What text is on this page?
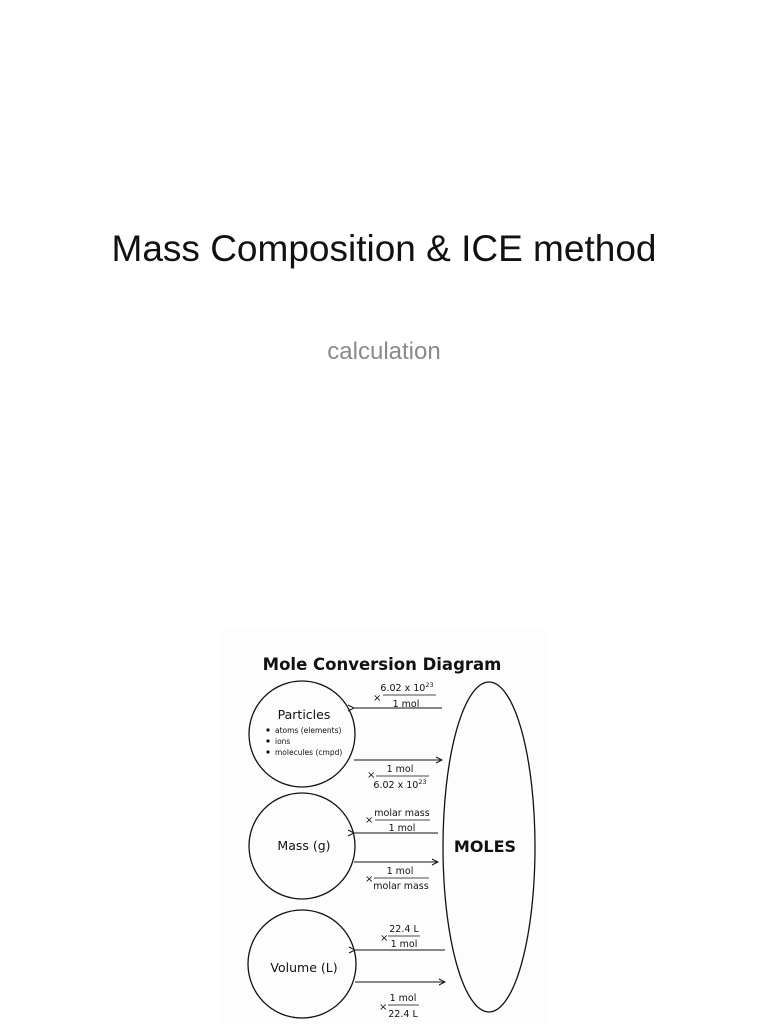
Mass Composition & ICE method
calculation
Mole Conversion Diagram
MOLES
Particles
atoms (elements)
ions
molecules (cmpd)
Mass (g)
Volume (L)
×
6.02 x $10^{23}$
1 mol
×
1 mol
6.02 x $10^{23}$
×
molar mass
1 mol
×
1 mol
molar mass
×
22.4 L
1 mol
×
1 mol
22.4 L
